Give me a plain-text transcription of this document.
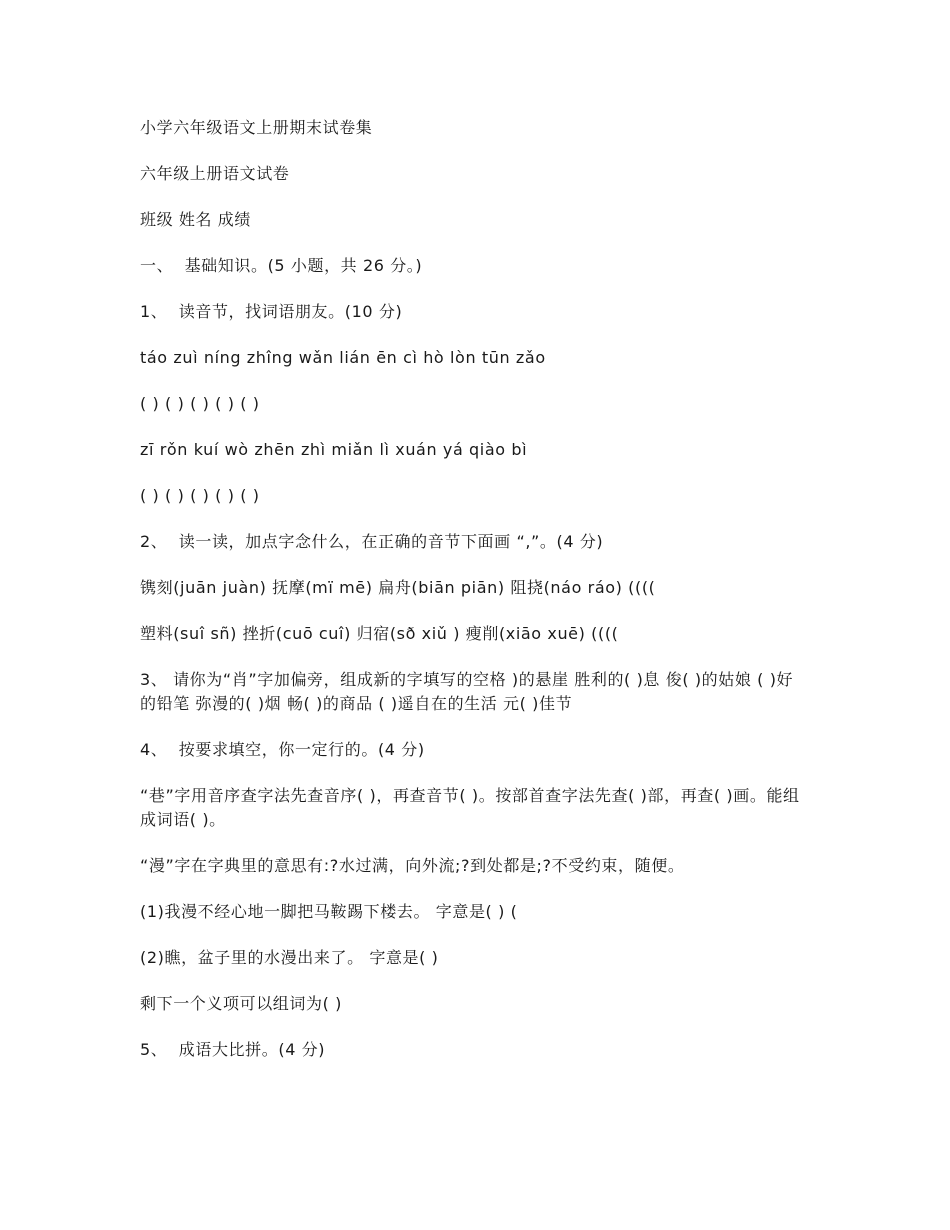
小学六年级语文上册期末试卷集
六年级上册语文试卷
班级 姓名 成绩
一、  基础知识。(5 小题，共 26 分。)
1、  读音节，找词语朋友。(10 分)
táo zuì níng zhîng wǎn lián ēn cì hò lòn tūn zǎo
( ) ( ) ( ) ( ) ( )
zī rǒn kuí wò zhēn zhì miǎn lì xuán yá qiào bì
( ) ( ) ( ) ( ) ( )
2、  读一读，加点字念什么，在正确的音节下面画 “,”。(4 分)
镌刻(juān juàn) 抚摩(mï mē) 扁舟(biān piān) 阻挠(náo ráo) ((((
塑料(suî sñ) 挫折(cuō cuî) 归宿(sð xiǔ ) 瘦削(xiāo xuē) ((((
3、 请你为“肖”字加偏旁，组成新的字填写的空格 )的悬崖 胜利的( )息 俊( )的姑娘 ( )好的铅笔 弥漫的( )烟 畅( )的商品 ( )遥自在的生活 元( )佳节
4、  按要求填空，你一定行的。(4 分)
“巷”字用音序查字法先查音序( )，再查音节( )。按部首查字法先查( )部，再查( )画。能组成词语( )。
“漫”字在字典里的意思有:?水过满，向外流;?到处都是;?不受约束，随便。
(1)我漫不经心地一脚把马鞍踢下楼去。 字意是( ) (
(2)瞧，盆子里的水漫出来了。 字意是( )
剩下一个义项可以组词为( )
5、  成语大比拼。(4 分)
